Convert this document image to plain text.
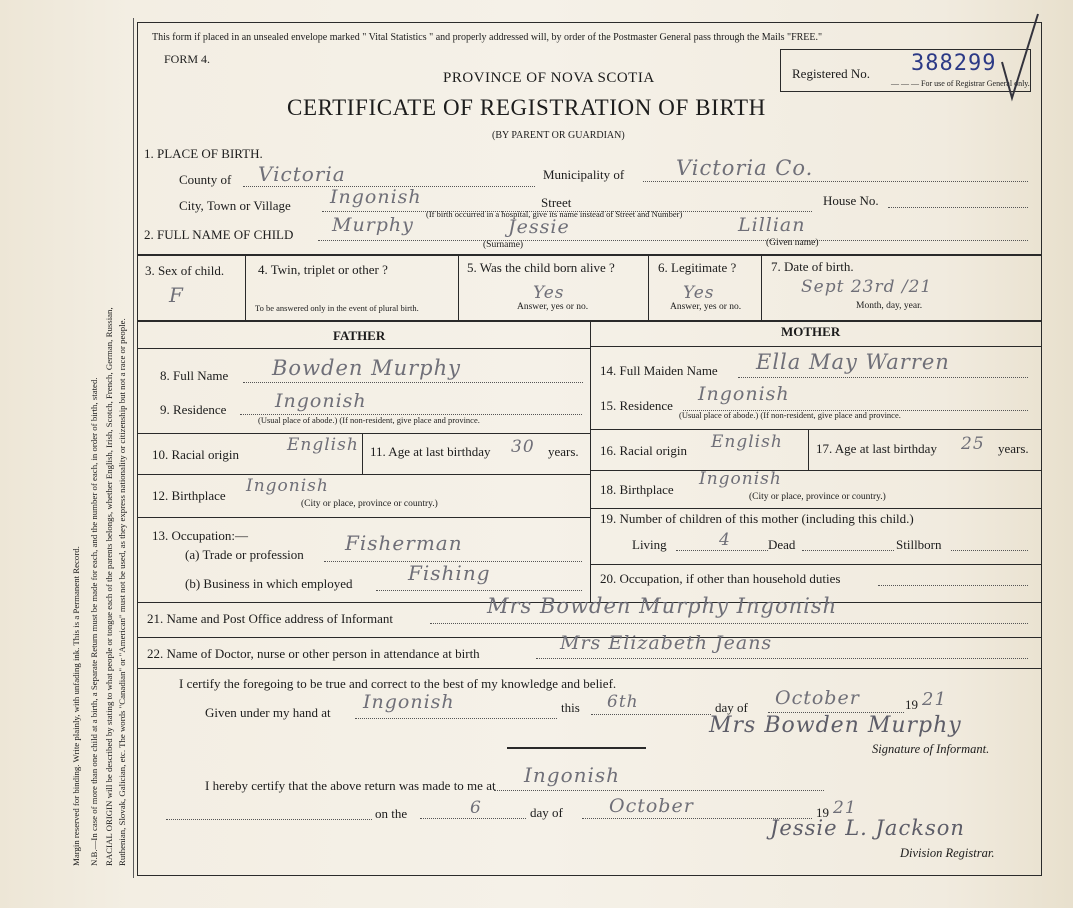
Margin reserved for binding. Write plainly, with unfading ink. This is a Permanent Record. N.B.—In case of more than one child at a birth, a Separate Return must be made for each, and the number of each, in order of birth, stated. RACIAL ORIGIN will be described by stating to what people or tongue each of the parents belongs, whether English, Irish, Scotch, French, German, Russian, Ruthenian, Slovak, Galician, etc. The words "Canadian" or "American" must not be used, as they express nationality or citizenship but not a race or people.
This form if placed in an unsealed envelope marked " Vital Statistics " and properly addressed will, by order of the Postmaster General pass through the Mails "FREE."
FORM 4.
PROVINCE OF NOVA SCOTIA
CERTIFICATE OF REGISTRATION OF BIRTH
(BY PARENT OR GUARDIAN)
Registered No. 388299
— — — For use of Registrar General only.
1. PLACE OF BIRTH.
County of Victoria	Municipality of Victoria Co.
City, Town or Village Ingonish	Street	House No.
(If birth occurred in a hospital, give its name instead of Street and Number)
2. FULL NAME OF CHILD Murphy	Jessie	Lillian
(Surname)	(Given name)
3. Sex of child.
F
4. Twin, triplet or other ?
To be answered only in the event of plural birth.
5. Was the child born alive ?
Yes
Answer, yes or no.
6. Legitimate ?
Yes
Answer, yes or no.
7. Date of birth.
Sept 23rd /21
Month, day, year.
FATHER	MOTHER
8. Full Name Bowden Murphy
9. Residence	Ingonish
(Usual place of abode.) (If non-resident, give place and province.
10. Racial origin	English 11. Age at last birthday 30 years.
12. Birthplace Ingonish
(City or place, province or country.)
13. Occupation:—
(a) Trade or profession Fisherman
(b) Business in which employed	Fishing
14. Full Maiden Name Ella May Warren
15. Residence
Ingonish
(Usual place of abode.) (If non-resident, give place and province.
16. Racial origin English	17. Age at last birthday 25 years.
18. Birthplace
Ingonish
(City or place, province or country.)
19. Number of children of this mother (including this child.)
Living	4	Dead	Stillborn
20. Occupation, if other than household duties
21. Name and Post Office address of Informant
Mrs Bowden Murphy Ingonish
22. Name of Doctor, nurse or other person in attendance at birth	Mrs Elizabeth Jeans
I certify the foregoing to be true and correct to the best of my knowledge and belief.
Given under my hand at Ingonish	this 6th	day of October	19 21
Mrs Bowden Murphy
Signature of Informant.
I hereby certify that the above return was made to me at Ingonish
on the	6	day of October	19 21
Jessie L. Jackson
Division Registrar.
